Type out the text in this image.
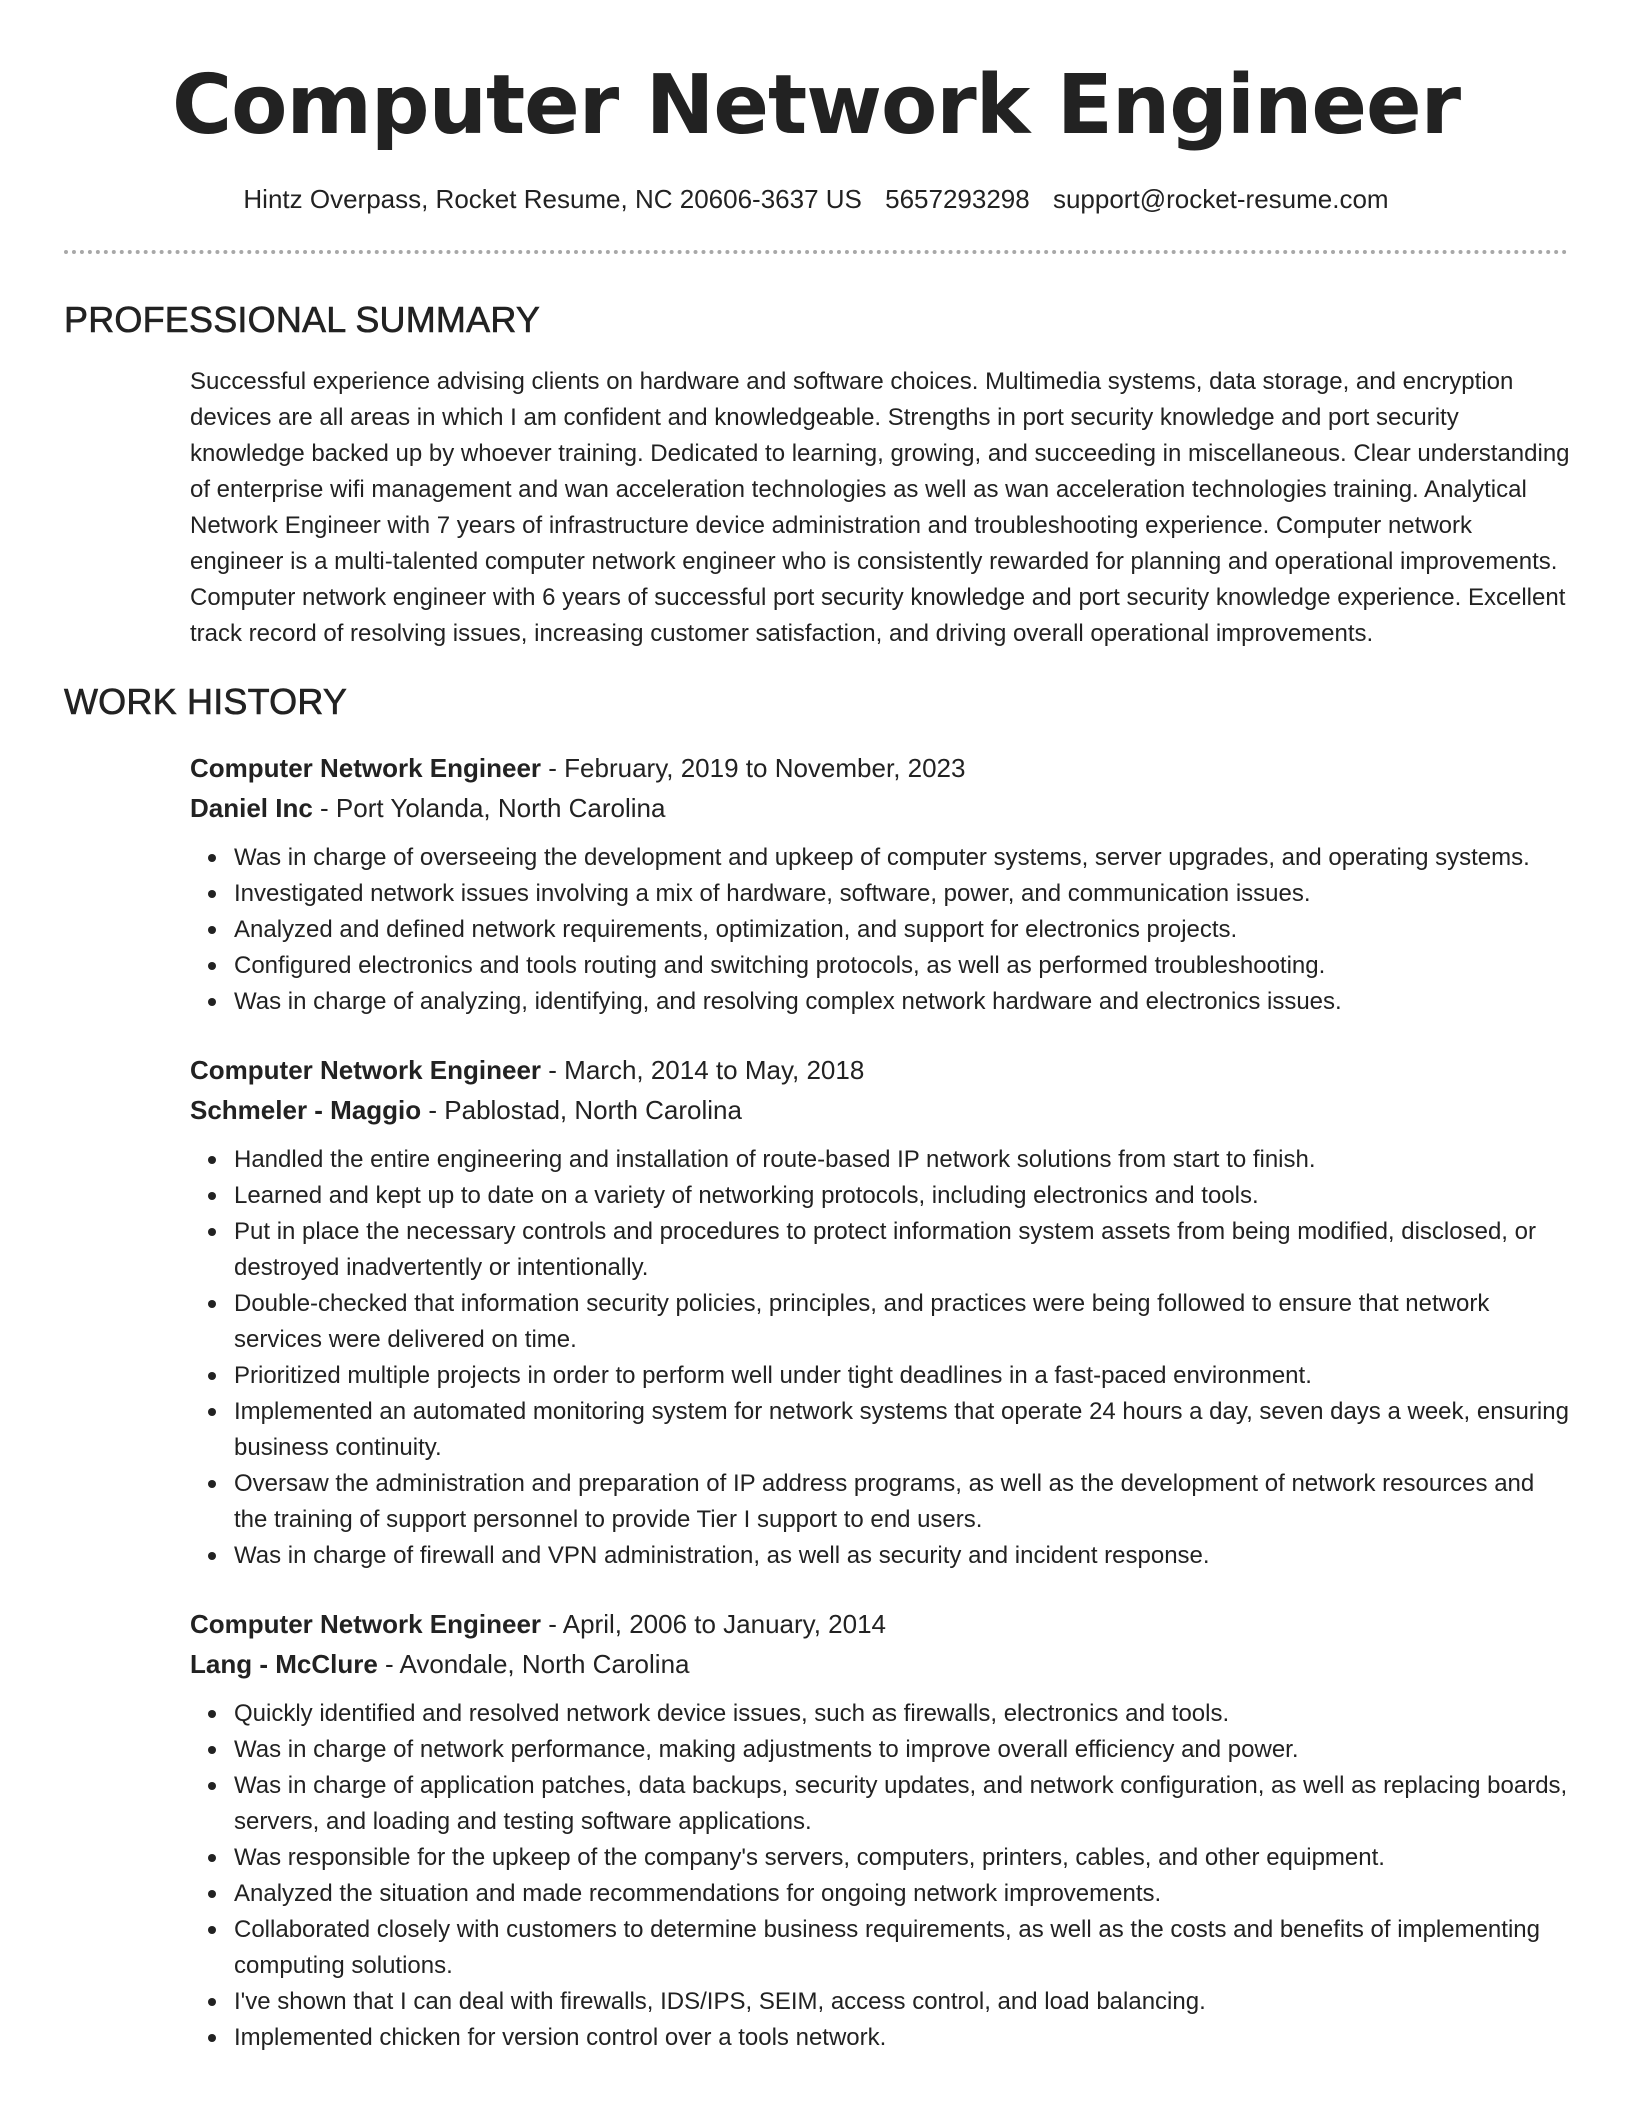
Computer Network Engineer
Hintz Overpass, Rocket Resume, NC 20606-3637 US 5657293298 support@rocket-resume.com
PROFESSIONAL SUMMARY

Successful experience advising clients on hardware and software choices. Multimedia systems, data storage, and encryption devices are all areas in which I am confident and knowledgeable. Strengths in port security knowledge and port security knowledge backed up by whoever training. Dedicated to learning, growing, and succeeding in miscellaneous. Clear understanding of enterprise wifi management and wan acceleration technologies as well as wan acceleration technologies training. Analytical Network Engineer with 7 years of infrastructure device administration and troubleshooting experience. Computer network engineer is a multi-talented computer network engineer who is consistently rewarded for planning and operational improvements. Computer network engineer with 6 years of successful port security knowledge and port security knowledge experience. Excellent track record of resolving issues, increasing customer satisfaction, and driving overall operational improvements.

WORK HISTORY
Computer Network Engineer - February, 2019 to November, 2023
Daniel Inc - Port Yolanda, North Carolina
Was in charge of overseeing the development and upkeep of computer systems, server upgrades, and operating systems.
Investigated network issues involving a mix of hardware, software, power, and communication issues.
Analyzed and defined network requirements, optimization, and support for electronics projects.
Configured electronics and tools routing and switching protocols, as well as performed troubleshooting.
Was in charge of analyzing, identifying, and resolving complex network hardware and electronics issues.
Computer Network Engineer - March, 2014 to May, 2018
Schmeler - Maggio - Pablostad, North Carolina
Handled the entire engineering and installation of route-based IP network solutions from start to finish.
Learned and kept up to date on a variety of networking protocols, including electronics and tools.
Put in place the necessary controls and procedures to protect information system assets from being modified, disclosed, or destroyed inadvertently or intentionally.
Double-checked that information security policies, principles, and practices were being followed to ensure that network services were delivered on time.
Prioritized multiple projects in order to perform well under tight deadlines in a fast-paced environment.
Implemented an automated monitoring system for network systems that operate 24 hours a day, seven days a week, ensuring business continuity.
Oversaw the administration and preparation of IP address programs, as well as the development of network resources and the training of support personnel to provide Tier I support to end users.
Was in charge of firewall and VPN administration, as well as security and incident response.
Computer Network Engineer - April, 2006 to January, 2014
Lang - McClure - Avondale, North Carolina
Quickly identified and resolved network device issues, such as firewalls, electronics and tools.
Was in charge of network performance, making adjustments to improve overall efficiency and power.
Was in charge of application patches, data backups, security updates, and network configuration, as well as replacing boards, servers, and loading and testing software applications.
Was responsible for the upkeep of the company's servers, computers, printers, cables, and other equipment.
Analyzed the situation and made recommendations for ongoing network improvements.
Collaborated closely with customers to determine business requirements, as well as the costs and benefits of implementing computing solutions.
I've shown that I can deal with firewalls, IDS/IPS, SEIM, access control, and load balancing.
Implemented chicken for version control over a tools network.
